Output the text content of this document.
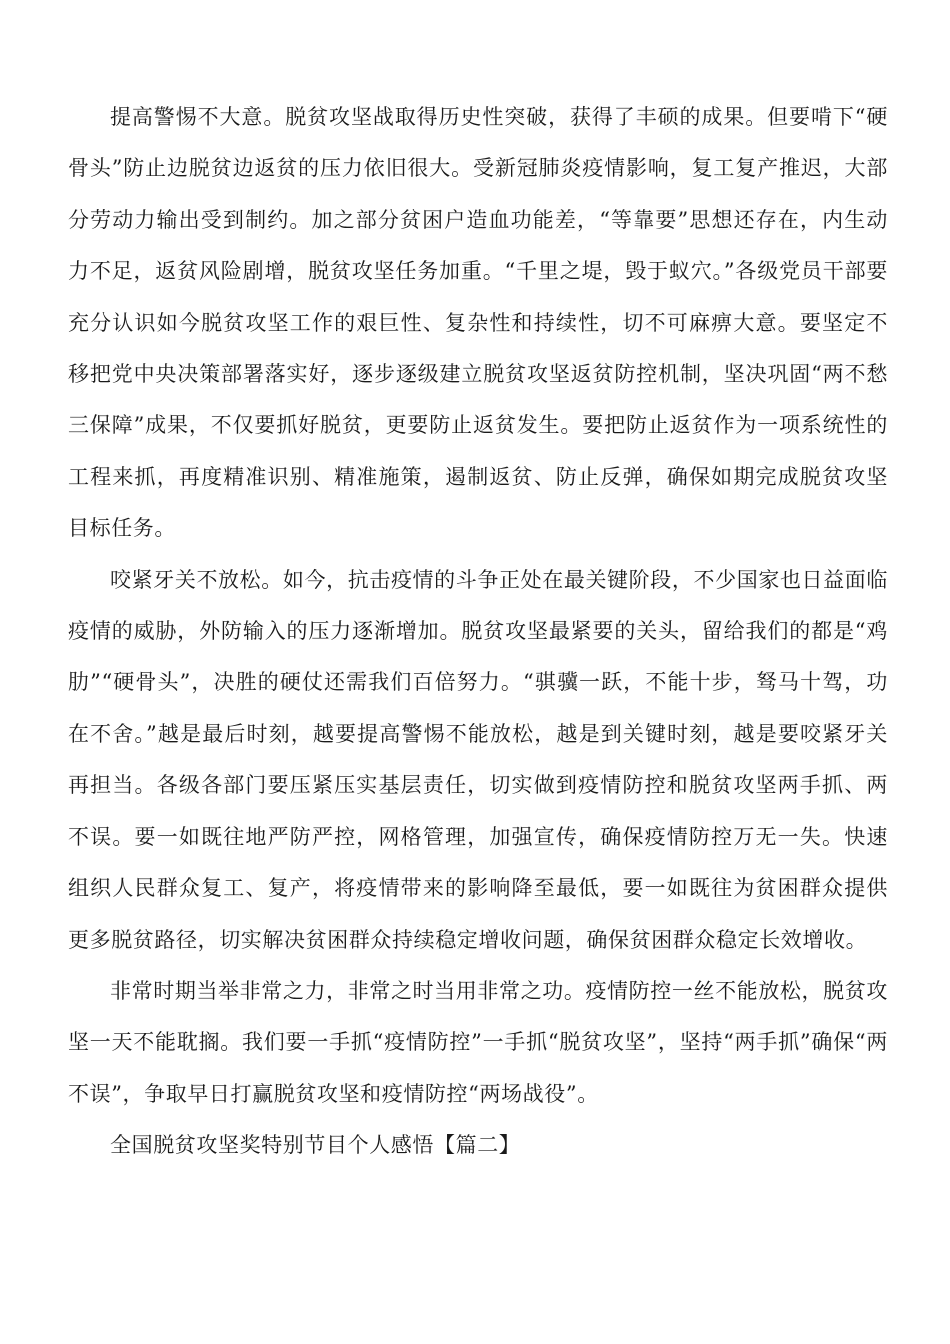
提高警惕不大意。脱贫攻坚战取得历史性突破，获得了丰硕的成果。但要啃下“硬骨头”防止边脱贫边返贫的压力依旧很大。受新冠肺炎疫情影响，复工复产推迟，大部分劳动力输出受到制约。加之部分贫困户造血功能差，“等靠要”思想还存在，内生动力不足，返贫风险剧增，脱贫攻坚任务加重。“千里之堤，毁于蚁穴。”各级党员干部要充分认识如今脱贫攻坚工作的艰巨性、复杂性和持续性，切不可麻痹大意。要坚定不移把党中央决策部署落实好，逐步逐级建立脱贫攻坚返贫防控机制，坚决巩固“两不愁三保障”成果，不仅要抓好脱贫，更要防止返贫发生。要把防止返贫作为一项系统性的工程来抓，再度精准识别、精准施策，遏制返贫、防止反弹，确保如期完成脱贫攻坚目标任务。

咬紧牙关不放松。如今，抗击疫情的斗争正处在最关键阶段，不少国家也日益面临疫情的威胁，外防输入的压力逐渐增加。脱贫攻坚最紧要的关头，留给我们的都是“鸡肋”“硬骨头”，决胜的硬仗还需我们百倍努力。“骐骥一跃，不能十步，驽马十驾，功在不舍。”越是最后时刻，越要提高警惕不能放松，越是到关键时刻，越是要咬紧牙关再担当。各级各部门要压紧压实基层责任，切实做到疫情防控和脱贫攻坚两手抓、两不误。要一如既往地严防严控，网格管理，加强宣传，确保疫情防控万无一失。快速组织人民群众复工、复产，将疫情带来的影响降至最低，要一如既往为贫困群众提供更多脱贫路径，切实解决贫困群众持续稳定增收问题，确保贫困群众稳定长效增收。

非常时期当举非常之力，非常之时当用非常之功。疫情防控一丝不能放松，脱贫攻坚一天不能耽搁。我们要一手抓“疫情防控”一手抓“脱贫攻坚”，坚持“两手抓”确保“两不误”，争取早日打赢脱贫攻坚和疫情防控“两场战役”。

全国脱贫攻坚奖特别节目个人感悟【篇二】
